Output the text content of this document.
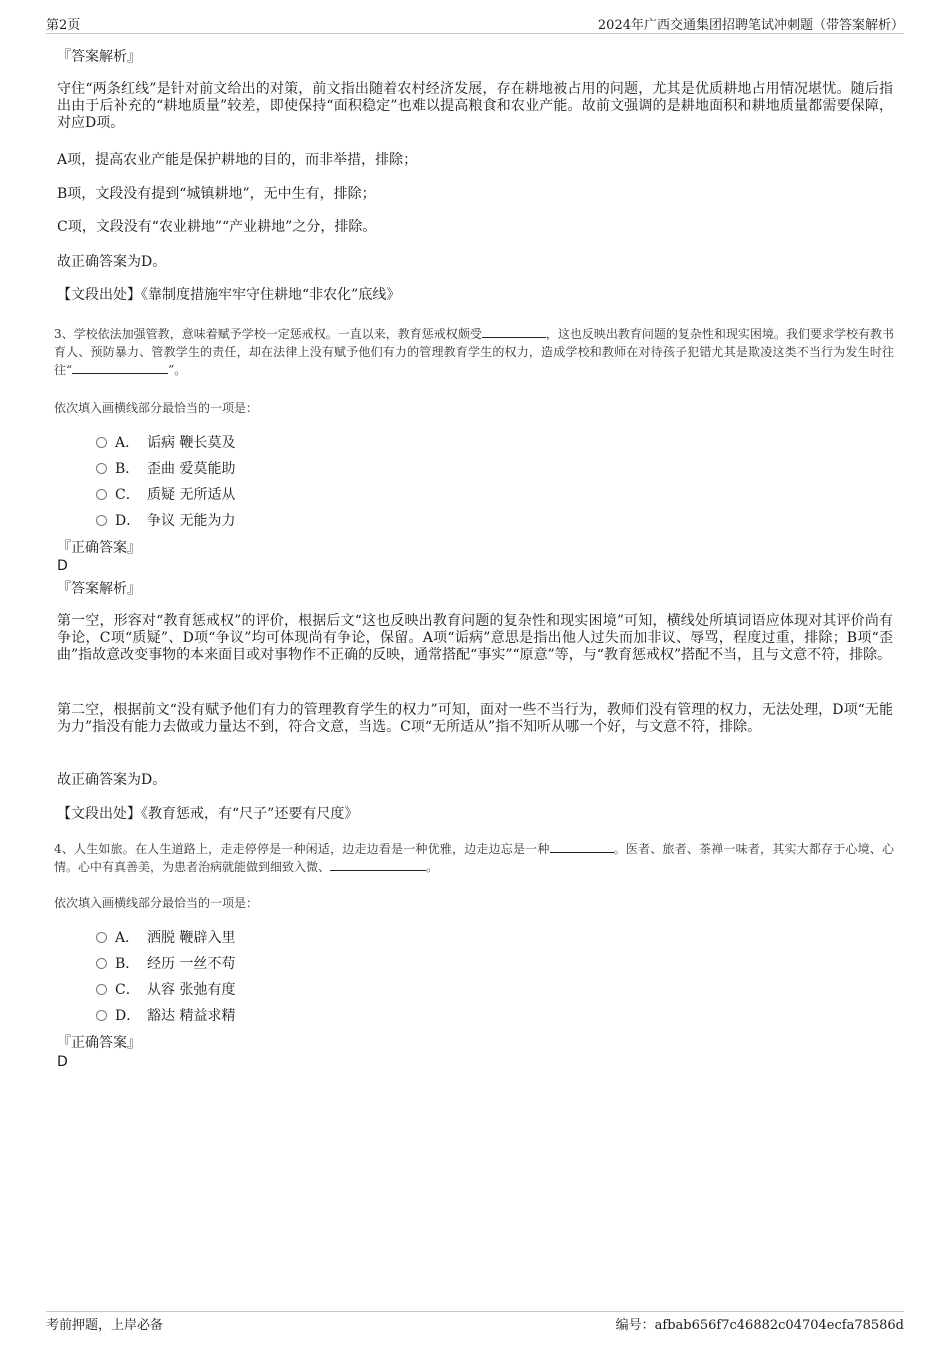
第2页	2024年广西交通集团招聘笔试冲刺题（带答案解析）

『答案解析』

守住“两条红线”是针对前文给出的对策，前文指出随着农村经济发展，存在耕地被占用的问题，尤其是优质耕地占用情况堪忧。随后指出由于后补充的“耕地质量”较差，即使保持“面积稳定”也难以提高粮食和农业产能。故前文强调的是耕地面积和耕地质量都需要保障，对应D项。

A项，提高农业产能是保护耕地的目的，而非举措，排除；

B项，文段没有提到“城镇耕地”，无中生有，排除；

C项，文段没有“农业耕地”“产业耕地”之分，排除。

故正确答案为D。

【文段出处】《靠制度措施牢牢守住耕地“非农化”底线》

3、学校依法加强管教，意味着赋予学校一定惩戒权。一直以来，教育惩戒权颇受	，这也反映出教育问题的复杂性和现实困境。我们要求学校有教书育人、预防暴力、管教学生的责任，却在法律上没有赋予他们有力的管理教育学生的权力，造成学校和教师在对待孩子犯错尤其是欺凌这类不当行为发生时往往“	”。

依次填入画横线部分最恰当的一项是：

A． 诟病 鞭长莫及
B． 歪曲 爱莫能助
C． 质疑 无所适从
D． 争议 无能为力

『正确答案』

D

『答案解析』

第一空，形容对“教育惩戒权”的评价，根据后文“这也反映出教育问题的复杂性和现实困境”可知，横线处所填词语应体现对其评价尚有争论，C项“质疑”、D项“争议”均可体现尚有争论，保留。A项“诟病”意思是指出他人过失而加非议、辱骂，程度过重，排除；B项“歪曲”指故意改变事物的本来面目或对事物作不正确的反映，通常搭配“事实”“原意”等，与“教育惩戒权”搭配不当，且与文意不符，排除。

第二空，根据前文“没有赋予他们有力的管理教育学生的权力”可知，面对一些不当行为，教师们没有管理的权力，无法处理，D项“无能为力”指没有能力去做或力量达不到，符合文意，当选。C项“无所适从”指不知听从哪一个好，与文意不符，排除。

故正确答案为D。

【文段出处】《教育惩戒，有“尺子”还要有尺度》

4、人生如旅。在人生道路上，走走停停是一种闲适，边走边看是一种优雅，边走边忘是一种	。医者、旅者、茶禅一味者，其实大都存于心境、心情。心中有真善美，为患者治病就能做到细致入微、	。

依次填入画横线部分最恰当的一项是：

A． 洒脱 鞭辟入里
B． 经历 一丝不苟
C． 从容 张弛有度
D． 豁达 精益求精

『正确答案』

D

考前押题，上岸必备	编号：afbab656f7c46882c04704ecfa78586d
